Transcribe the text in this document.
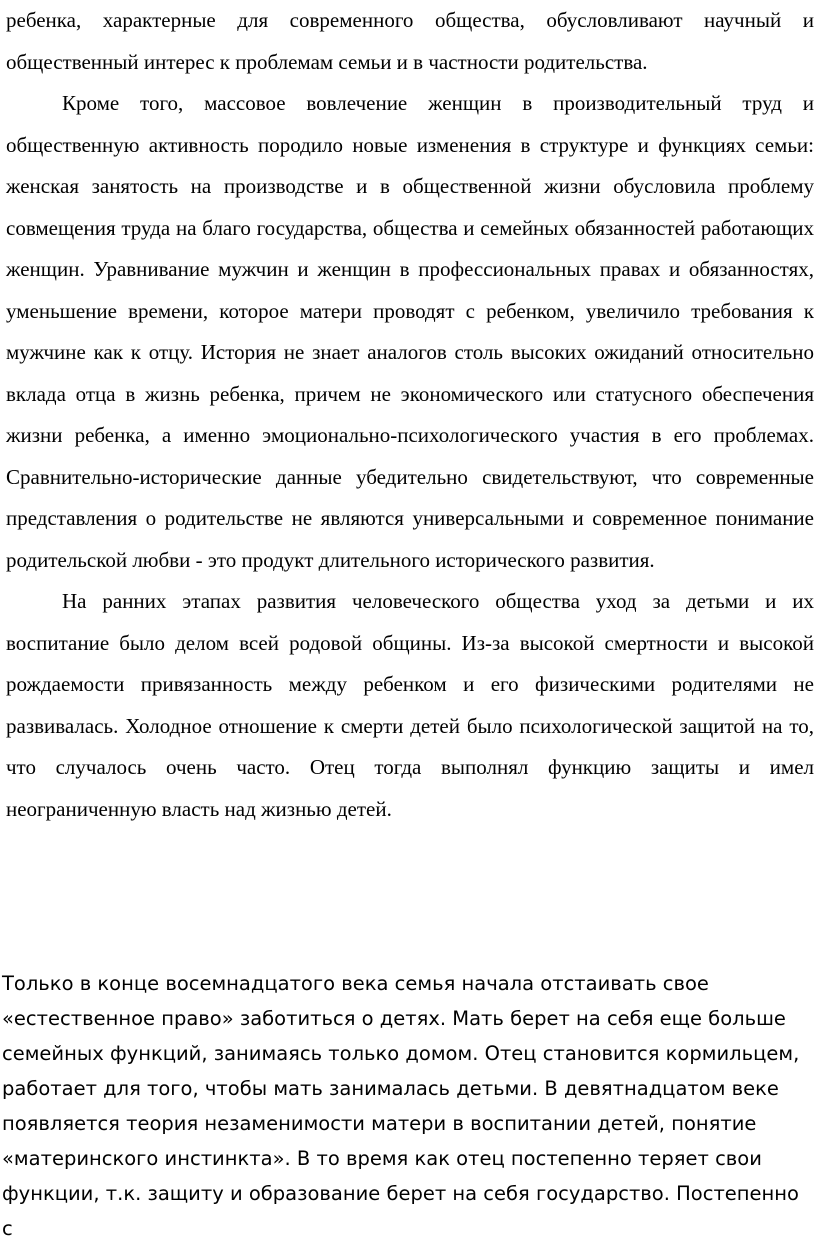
ребенка, характерные для современного общества, обусловливают научный и общественный интерес к проблемам семьи и в частности родительства.

Кроме того, массовое вовлечение женщин в производительный труд и общественную активность породило новые изменения в структуре и функциях семьи: женская занятость на производстве и в общественной жизни обусловила проблему совмещения труда на благо государства, общества и семейных обязанностей работающих женщин. Уравнивание мужчин и женщин в профессиональных правах и обязанностях, уменьшение времени, которое матери проводят с ребенком, увеличило требования к мужчине как к отцу. История не знает аналогов столь высоких ожиданий относительно вклада отца в жизнь ребенка, причем не экономического или статусного обеспечения жизни ребенка, а именно эмоционально-психологического участия в его проблемах. Сравнительно-исторические данные убедительно свидетельствуют, что современные представления о родительстве не являются универсальными и современное понимание родительской любви - это продукт длительного исторического развития.

На ранних этапах развития человеческого общества уход за детьми и их воспитание было делом всей родовой общины. Из-за высокой смертности и высокой рождаемости привязанность между ребенком и его физическими родителями не развивалась. Холодное отношение к смерти детей было психологической защитой на то, что случалось очень часто. Отец тогда выполнял функцию защиты и имел неограниченную власть над жизнью детей.

Только в конце восемнадцатого века семья начала отстаивать свое «естественное право» заботиться о детях. Мать берет на себя еще больше семейных функций, занимаясь только домом. Отец становится кормильцем, работает для того, чтобы мать занималась детьми. В девятнадцатом веке появляется теория незаменимости матери в воспитании детей, понятие «материнского инстинкта». В то время как отец постепенно теряет свои функции, т.к. защиту и образование берет на себя государство. Постепенно с
